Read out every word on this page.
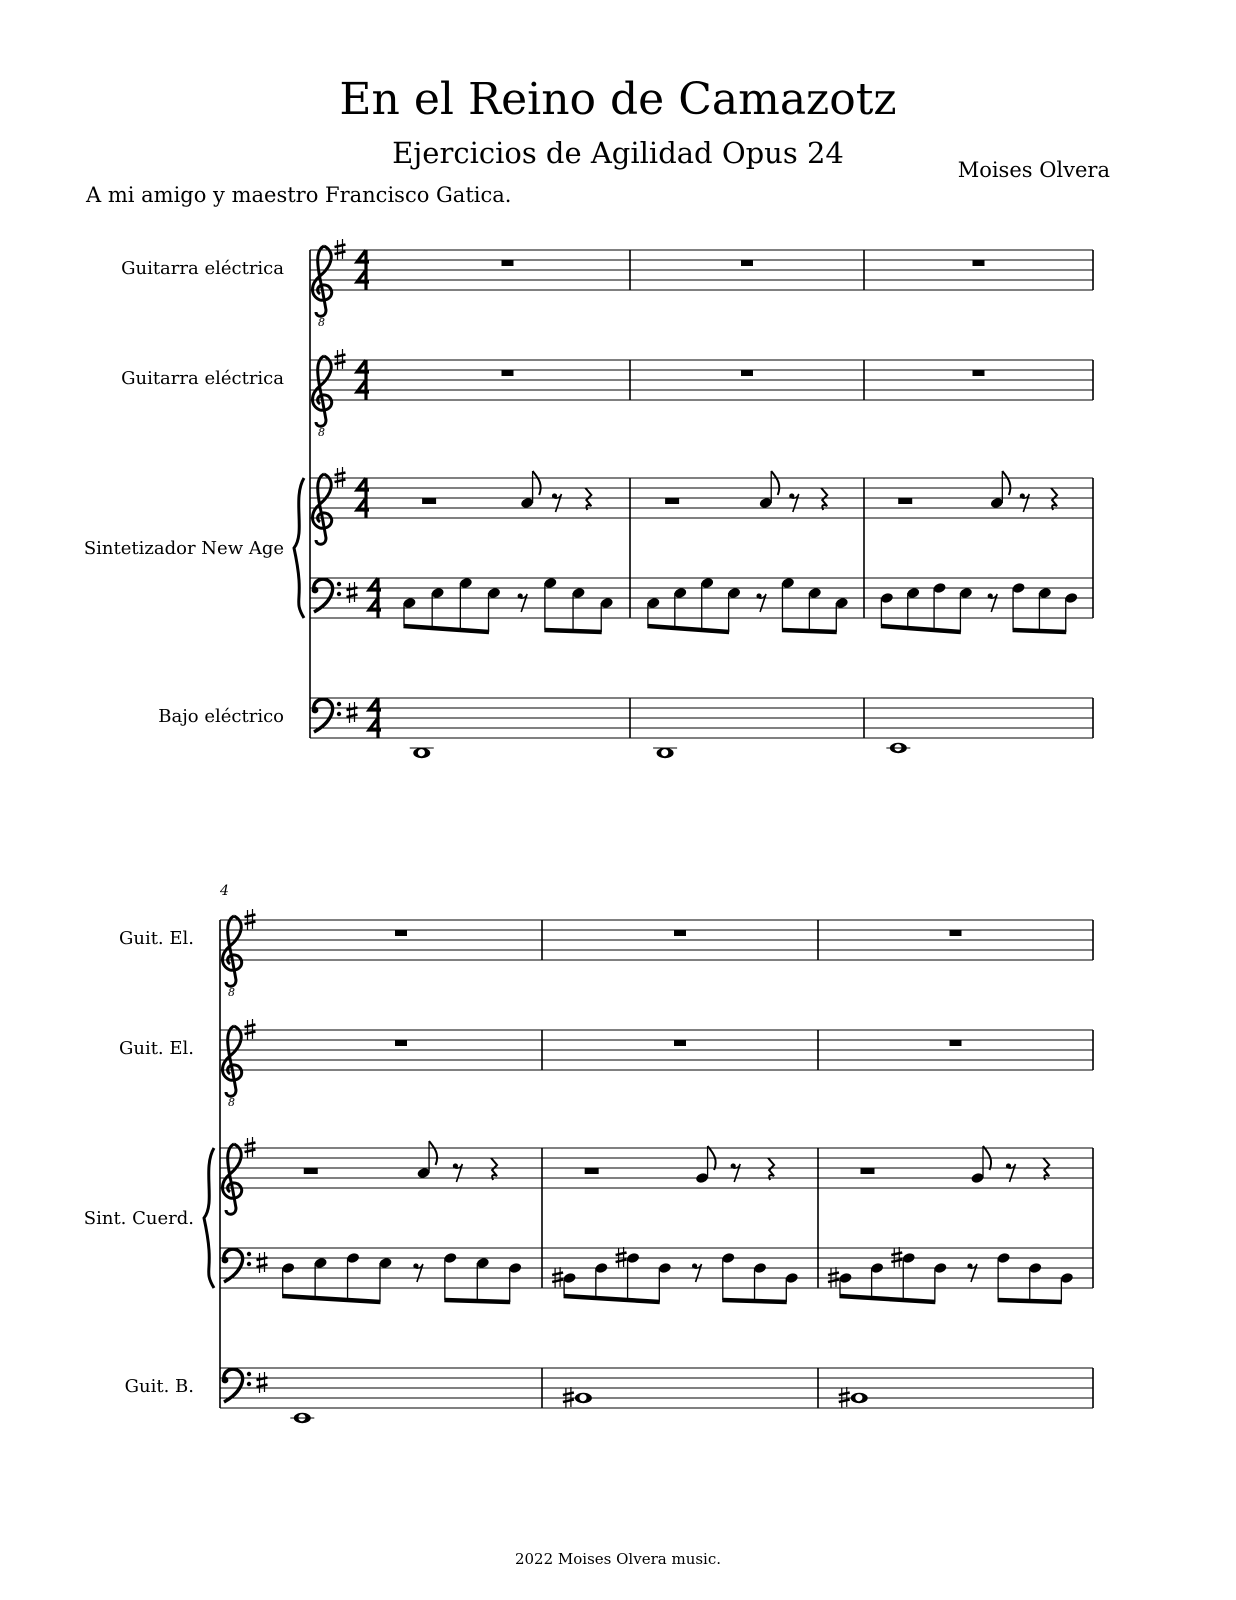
En el Reino de Camazotz
Ejercicios de Agilidad Opus 24	Moises Olvera
A mi amigo y maestro Francisco Gatica.
Guitarra eléctrica
Guitarra eléctrica
Sintetizador New Age
Bajo eléctrico
4
Guit. El.
Guit. El.
Sint. Cuerd.
Guit. B.
8
8
8
8
2022 Moises Olvera music.
